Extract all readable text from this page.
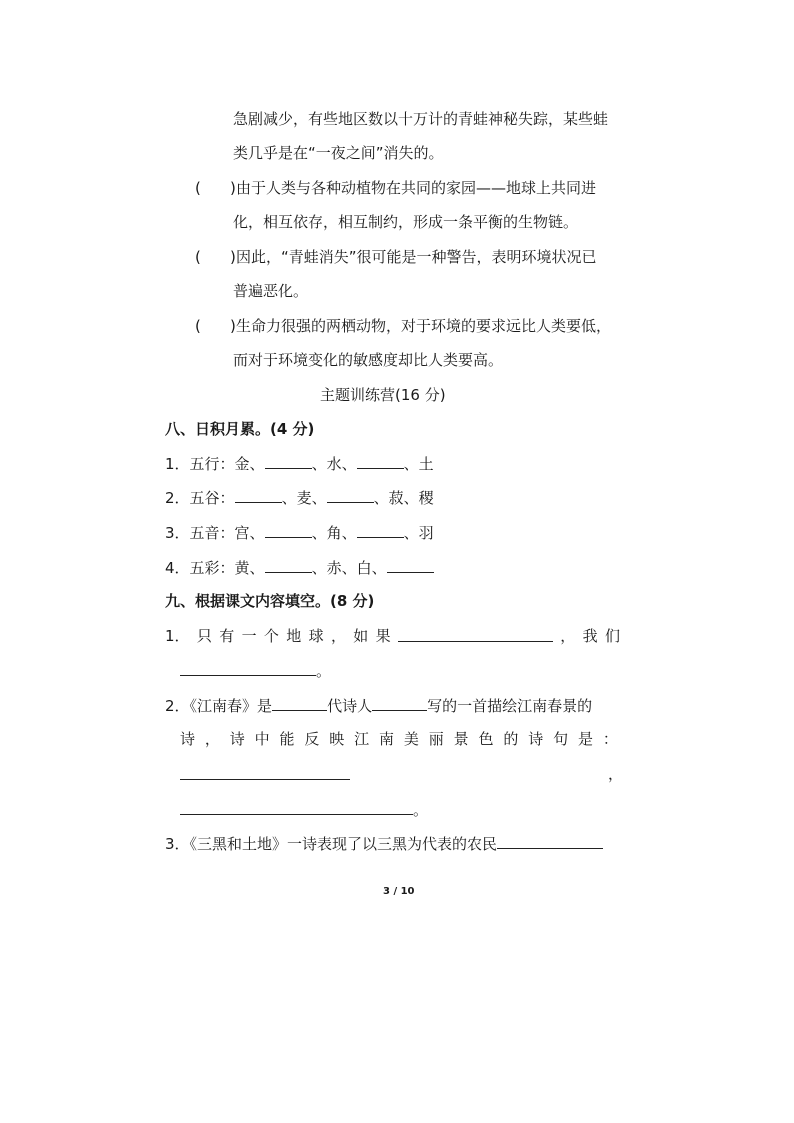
急剧减少，有些地区数以十万计的青蛙神秘失踪，某些蛙
类几乎是在“一夜之间”消失的。
( ) 由于人类与各种动植物在共同的家园——地球上共同进
化，相互依存，相互制约，形成一条平衡的生物链。
( ) 因此，“青蛙消失”很可能是一种警告，表明环境状况已
普遍恶化。
( ) 生命力很强的两栖动物，对于环境的要求远比人类要低，
而对于环境变化的敏感度却比人类要高。
主题训练营(16 分)
八、日积月累。(4 分)
1．五行：金、	、水、	、土
2．五谷：	、麦、	、菽、稷
3．五音：宫、	、角、	、羽
4．五彩：黄、	、赤、白、
九、根据课文内容填空。(8 分)
1． 只 有 一 个 地 球 ， 如 果	， 我 们
。
2．《江南春》是	代诗人	写的一首描绘江南春景的
诗 ， 诗 中 能 反 映 江 南 美 丽 景 色 的 诗 句 是 ：
，
。
3．《三黑和土地》一诗表现了以三黑为代表的农民
3 / 10
